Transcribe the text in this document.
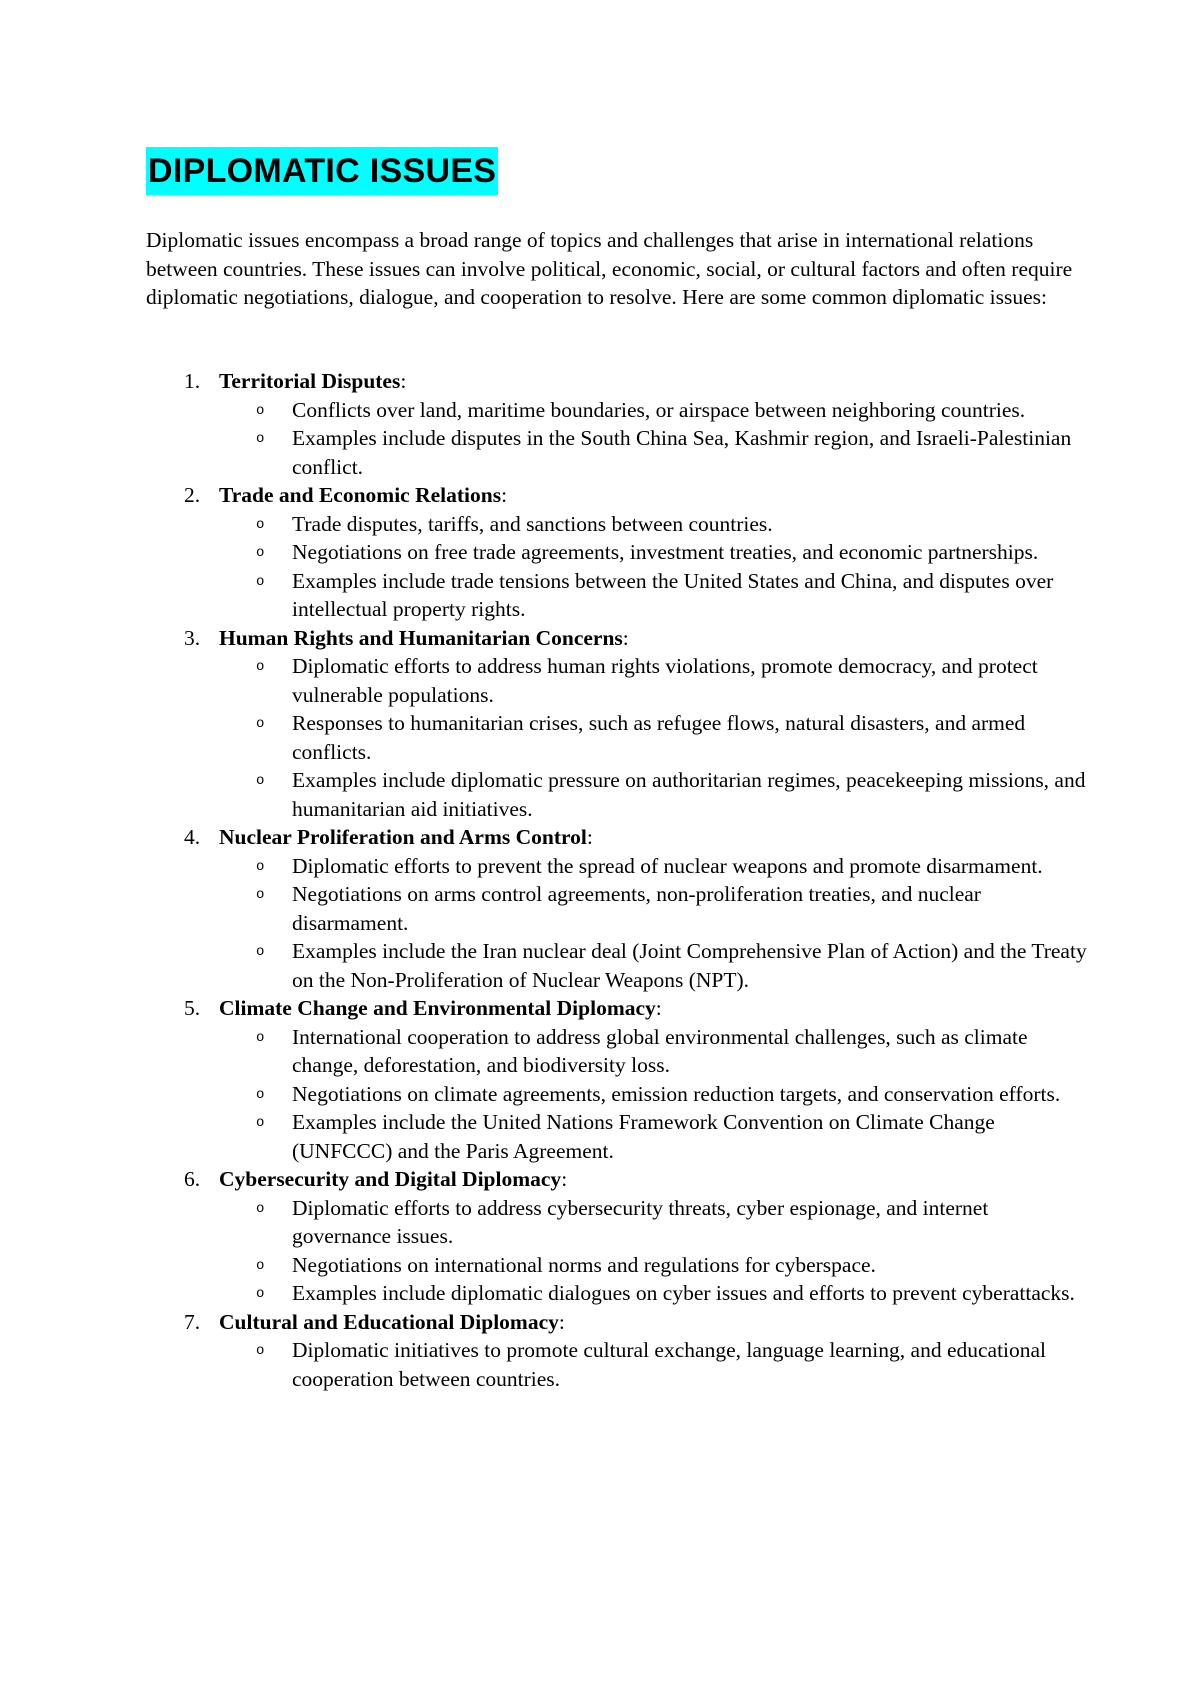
DIPLOMATIC ISSUES

Diplomatic issues encompass a broad range of topics and challenges that arise in international relations between countries. These issues can involve political, economic, social, or cultural factors and often require diplomatic negotiations, dialogue, and cooperation to resolve. Here are some common diplomatic issues:

1. Territorial Disputes:
o Conflicts over land, maritime boundaries, or airspace between neighboring countries.
o Examples include disputes in the South China Sea, Kashmir region, and Israeli-Palestinian conflict.
2. Trade and Economic Relations:
o Trade disputes, tariffs, and sanctions between countries.
o Negotiations on free trade agreements, investment treaties, and economic partnerships.
o Examples include trade tensions between the United States and China, and disputes over intellectual property rights.
3. Human Rights and Humanitarian Concerns:
o Diplomatic efforts to address human rights violations, promote democracy, and protect vulnerable populations.
o Responses to humanitarian crises, such as refugee flows, natural disasters, and armed conflicts.
o Examples include diplomatic pressure on authoritarian regimes, peacekeeping missions, and humanitarian aid initiatives.
4. Nuclear Proliferation and Arms Control:
o Diplomatic efforts to prevent the spread of nuclear weapons and promote disarmament.
o Negotiations on arms control agreements, non-proliferation treaties, and nuclear disarmament.
o Examples include the Iran nuclear deal (Joint Comprehensive Plan of Action) and the Treaty on the Non-Proliferation of Nuclear Weapons (NPT).
5. Climate Change and Environmental Diplomacy:
o International cooperation to address global environmental challenges, such as climate change, deforestation, and biodiversity loss.
o Negotiations on climate agreements, emission reduction targets, and conservation efforts.
o Examples include the United Nations Framework Convention on Climate Change (UNFCCC) and the Paris Agreement.
6. Cybersecurity and Digital Diplomacy:
o Diplomatic efforts to address cybersecurity threats, cyber espionage, and internet governance issues.
o Negotiations on international norms and regulations for cyberspace.
o Examples include diplomatic dialogues on cyber issues and efforts to prevent cyberattacks.
7. Cultural and Educational Diplomacy:
o Diplomatic initiatives to promote cultural exchange, language learning, and educational cooperation between countries.
